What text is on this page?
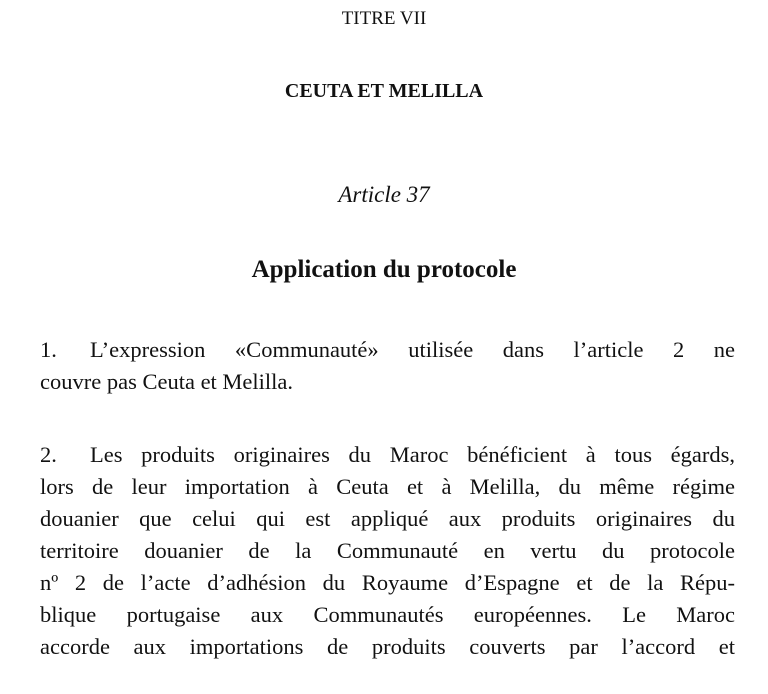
TITRE VII
CEUTA ET MELILLA
Article 37
Application du protocole
1. L’expression «Communauté» utilisée dans l’article 2 ne
couvre pas Ceuta et Melilla.
2. Les produits originaires du Maroc bénéficient à tous égards,
lors de leur importation à Ceuta et à Melilla, du même régime
douanier que celui qui est appliqué aux produits originaires du
territoire douanier de la Communauté en vertu du protocole
nº 2 de l’acte d’adhésion du Royaume d’Espagne et de la Répu-
blique portugaise aux Communautés européennes. Le Maroc
accorde aux importations de produits couverts par l’accord et
